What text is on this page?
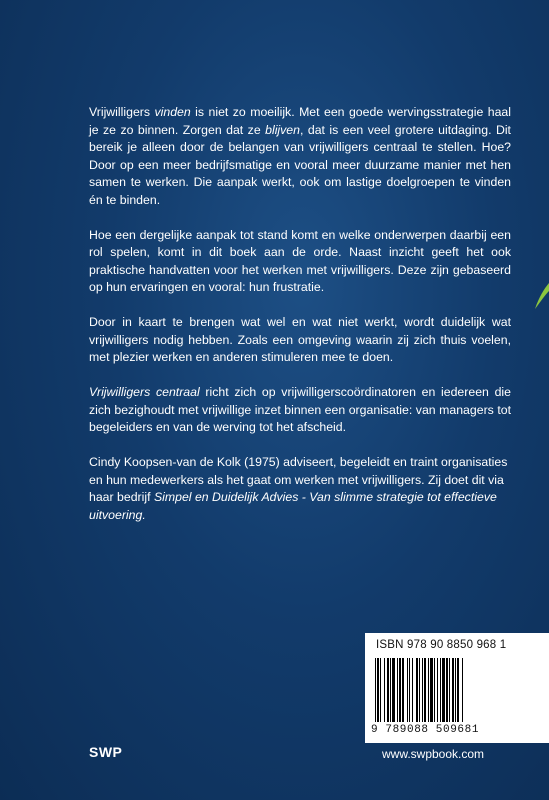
Vrijwilligers vinden is niet zo moeilijk. Met een goede wervingsstrategie haal je ze zo binnen. Zorgen dat ze blijven, dat is een veel grotere uitdaging. Dit bereik je alleen door de belangen van vrijwilligers centraal te stellen. Hoe? Door op een meer bedrijfsmatige en vooral meer duurzame manier met hen samen te werken. Die aanpak werkt, ook om lastige doelgroepen te vinden én te binden.

Hoe een dergelijke aanpak tot stand komt en welke onderwerpen daarbij een rol spelen, komt in dit boek aan de orde. Naast inzicht geeft het ook praktische handvatten voor het werken met vrijwilligers. Deze zijn gebaseerd op hun ervaringen en vooral: hun frustratie.

Door in kaart te brengen wat wel en wat niet werkt, wordt duidelijk wat vrijwilligers nodig hebben. Zoals een omgeving waarin zij zich thuis voelen, met plezier werken en anderen stimuleren mee te doen.

Vrijwilligers centraal richt zich op vrijwilligerscoördinatoren en iedereen die zich bezighoudt met vrijwillige inzet binnen een organisatie: van managers tot begeleiders en van de werving tot het afscheid.

Cindy Koopsen-van de Kolk (1975) adviseert, begeleidt en traint organisaties en hun medewerkers als het gaat om werken met vrijwilligers. Zij doet dit via haar bedrijf Simpel en Duidelijk Advies - Van slimme strategie tot effectieve uitvoering.

ISBN 978 90 8850 968 1
9 789088 509681
SWP	www.swpbook.com
